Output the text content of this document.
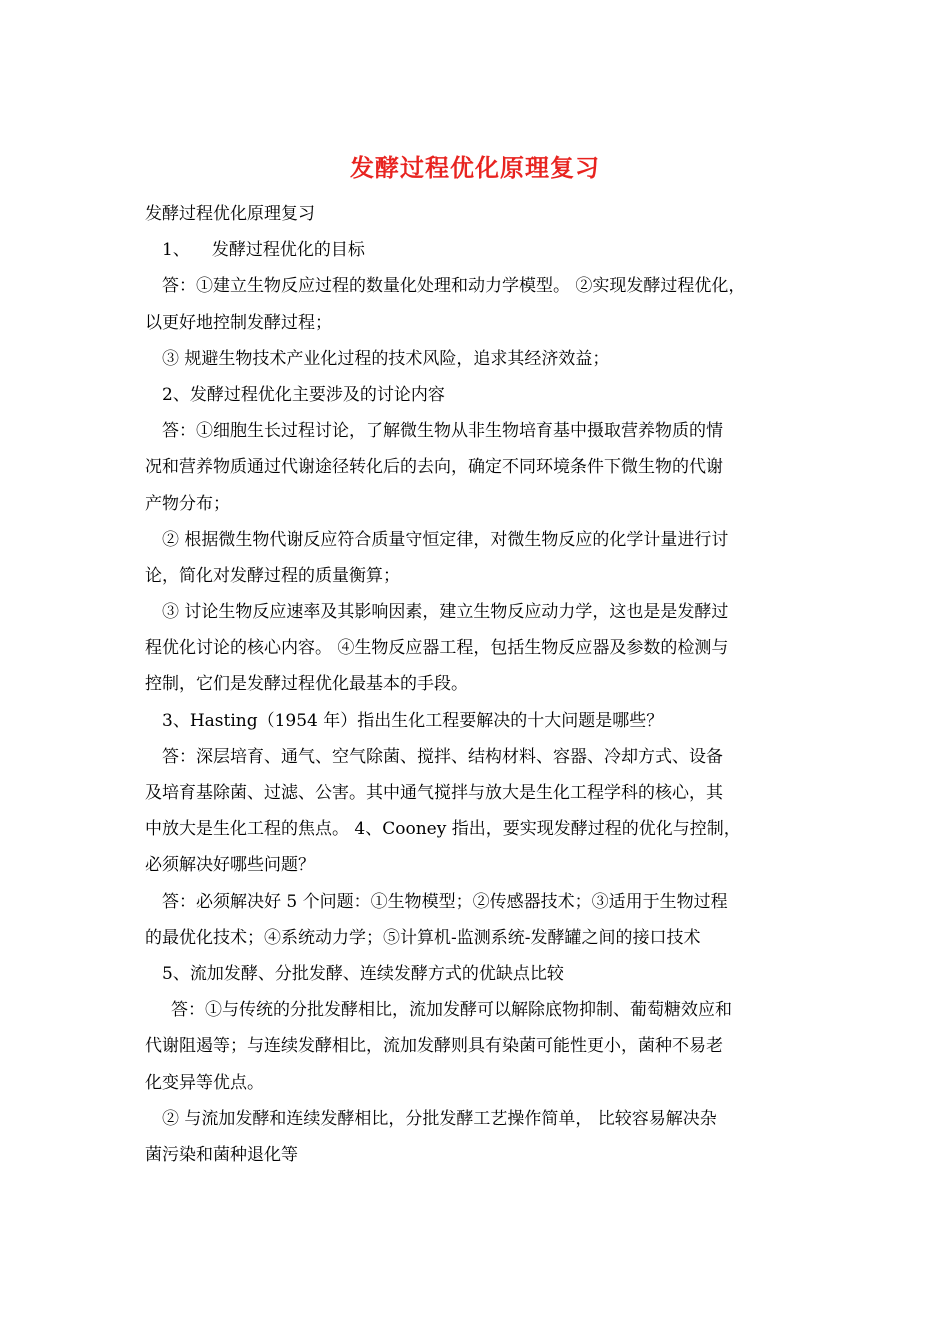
发酵过程优化原理复习
发酵过程优化原理复习
1、 发酵过程优化的目标
答：①建立生物反应过程的数量化处理和动力学模型。 ②实现发酵过程优化，
以更好地控制发酵过程；
③ 规避生物技术产业化过程的技术风险，追求其经济效益；
2、发酵过程优化主要涉及的讨论内容
答：①细胞生长过程讨论，了解微生物从非生物培育基中摄取营养物质的情
况和营养物质通过代谢途径转化后的去向，确定不同环境条件下微生物的代谢
产物分布；
② 根据微生物代谢反应符合质量守恒定律，对微生物反应的化学计量进行讨
论，简化对发酵过程的质量衡算；
③ 讨论生物反应速率及其影响因素，建立生物反应动力学，这也是是发酵过
程优化讨论的核心内容。 ④生物反应器工程，包括生物反应器及参数的检测与
控制，它们是发酵过程优化最基本的手段。
3、Hasting（1954 年）指出生化工程要解决的十大问题是哪些？
答：深层培育、通气、空气除菌、搅拌、结构材料、容器、冷却方式、设备
及培育基除菌、过滤、公害。其中通气搅拌与放大是生化工程学科的核心，其
中放大是生化工程的焦点。 4、Cooney 指出，要实现发酵过程的优化与控制，
必须解决好哪些问题？
答：必须解决好 5 个问题：①生物模型；②传感器技术；③适用于生物过程
的最优化技术；④系统动力学；⑤计算机-监测系统-发酵罐之间的接口技术
5、流加发酵、分批发酵、连续发酵方式的优缺点比较
答：①与传统的分批发酵相比，流加发酵可以解除底物抑制、葡萄糖效应和
代谢阻遏等；与连续发酵相比，流加发酵则具有染菌可能性更小，菌种不易老
化变异等优点。
② 与流加发酵和连续发酵相比，分批发酵工艺操作简单， 比较容易解决杂
菌污染和菌种退化等
